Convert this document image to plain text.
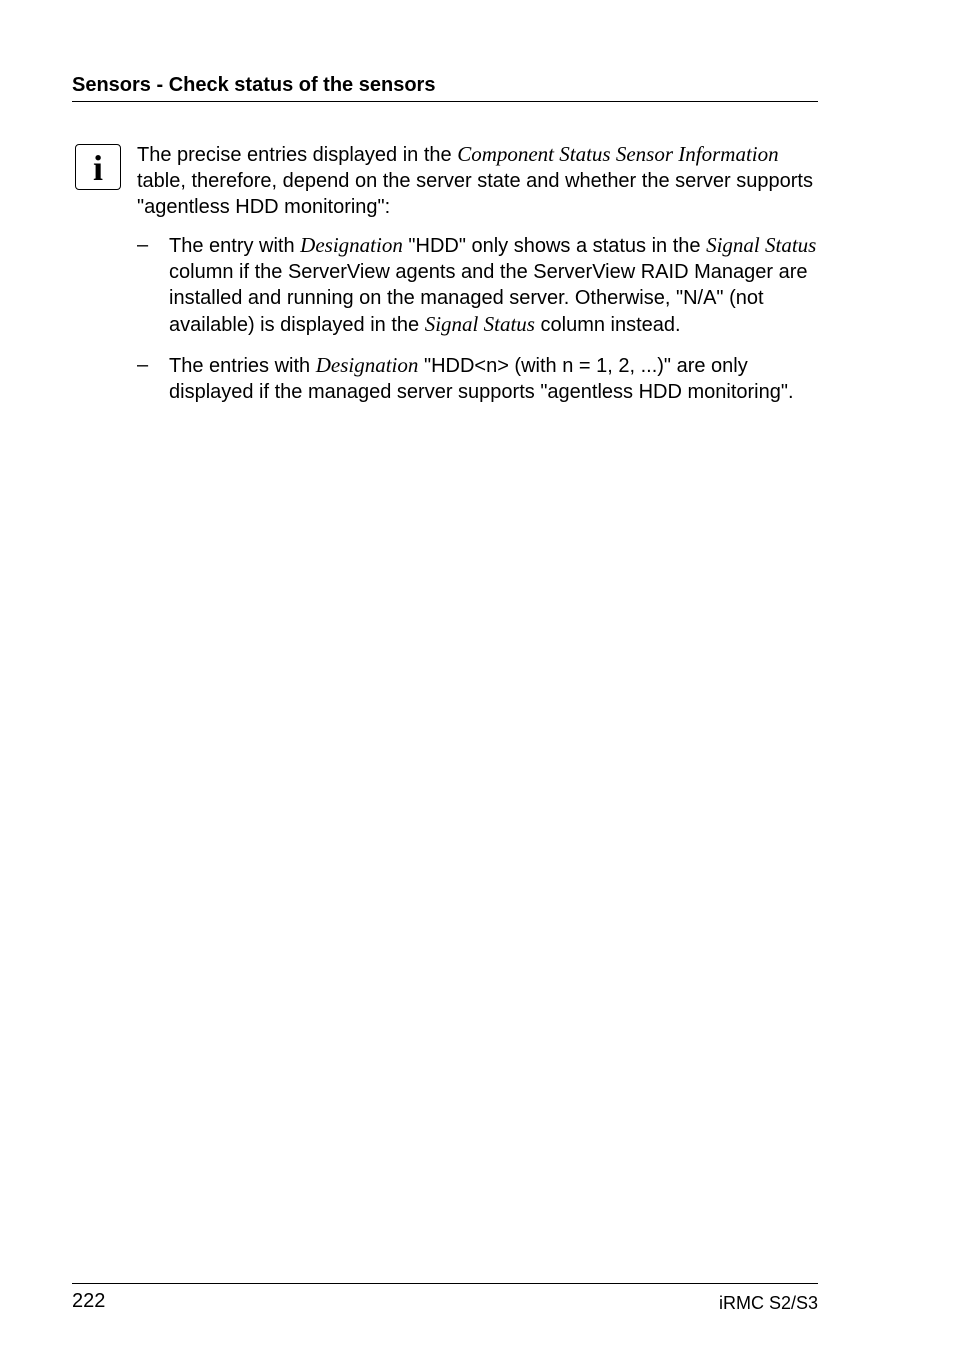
Sensors - Check status of the sensors
i	The precise entries displayed in the Component Status Sensor Information table, therefore, depend on the server state and whether the server supports "agentless HDD monitoring":

– The entry with Designation "HDD" only shows a status in the Signal Status column if the ServerView agents and the ServerView RAID Manager are installed and running on the managed server. Otherwise, "N/A" (not available) is displayed in the Signal Status column instead.
– The entries with Designation "HDD<n> (with n = 1, 2, ...)" are only displayed if the managed server supports "agentless HDD monitoring".
222	iRMC S2/S3
